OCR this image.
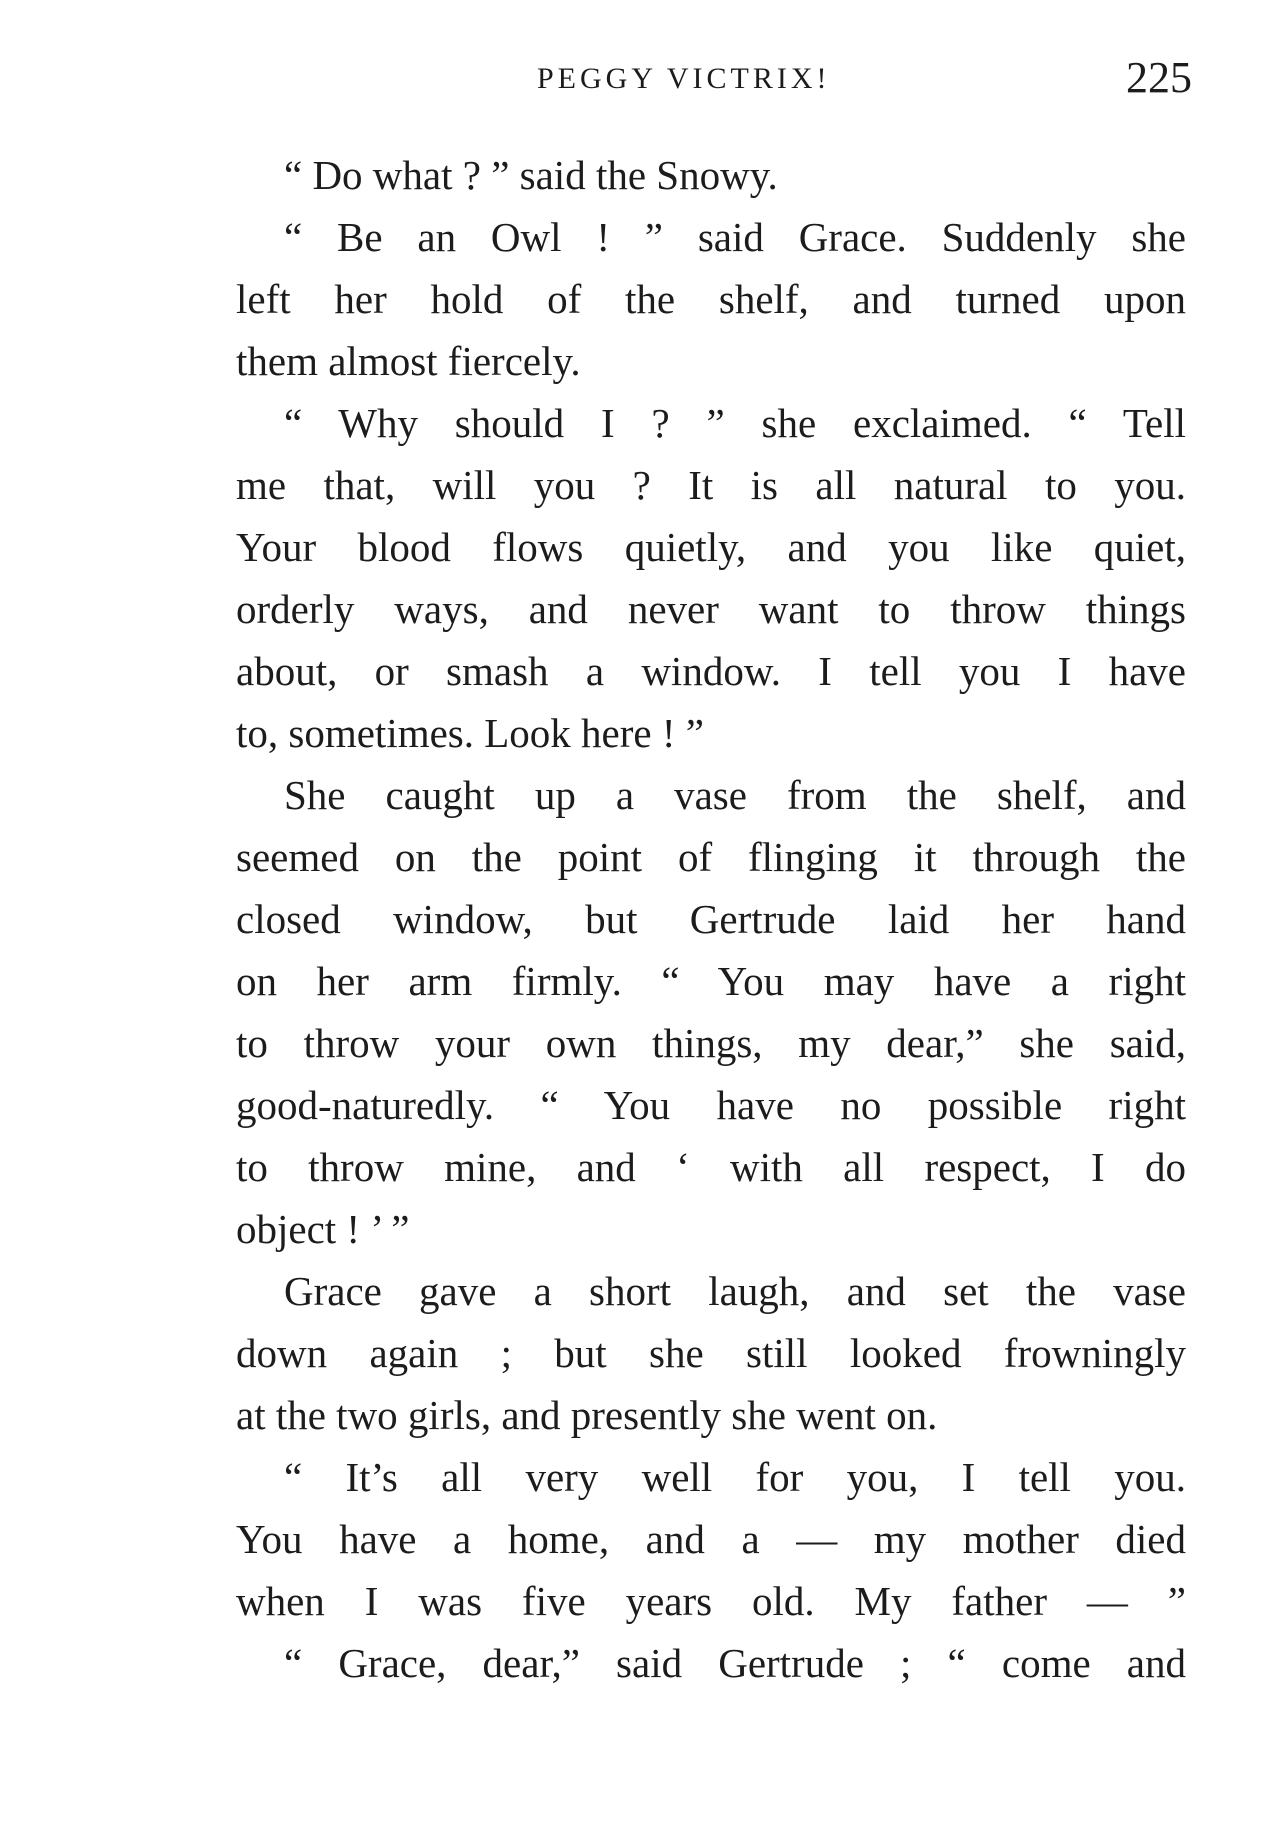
PEGGY VICTRIX!	225
“ Do what ? ” said the Snowy.
“ Be an Owl ! ” said Grace. Suddenly she
left her hold of the shelf, and turned upon
them almost fiercely.
“ Why should I ? ” she exclaimed. “ Tell
me that, will you ? It is all natural to you.
Your blood flows quietly, and you like quiet,
orderly ways, and never want to throw things
about, or smash a window. I tell you I have
to, sometimes. Look here ! ”
She caught up a vase from the shelf, and
seemed on the point of flinging it through the
closed window, but Gertrude laid her hand
on her arm firmly. “ You may have a right
to throw your own things, my dear,” she said,
good-naturedly. “ You have no possible right
to throw mine, and ‘ with all respect, I do
object ! ’ ”
Grace gave a short laugh, and set the vase
down again ; but she still looked frowningly
at the two girls, and presently she went on.
“ It’s all very well for you, I tell you.
You have a home, and a — my mother died
when I was five years old. My father — ”
“ Grace, dear,” said Gertrude ; “ come and
